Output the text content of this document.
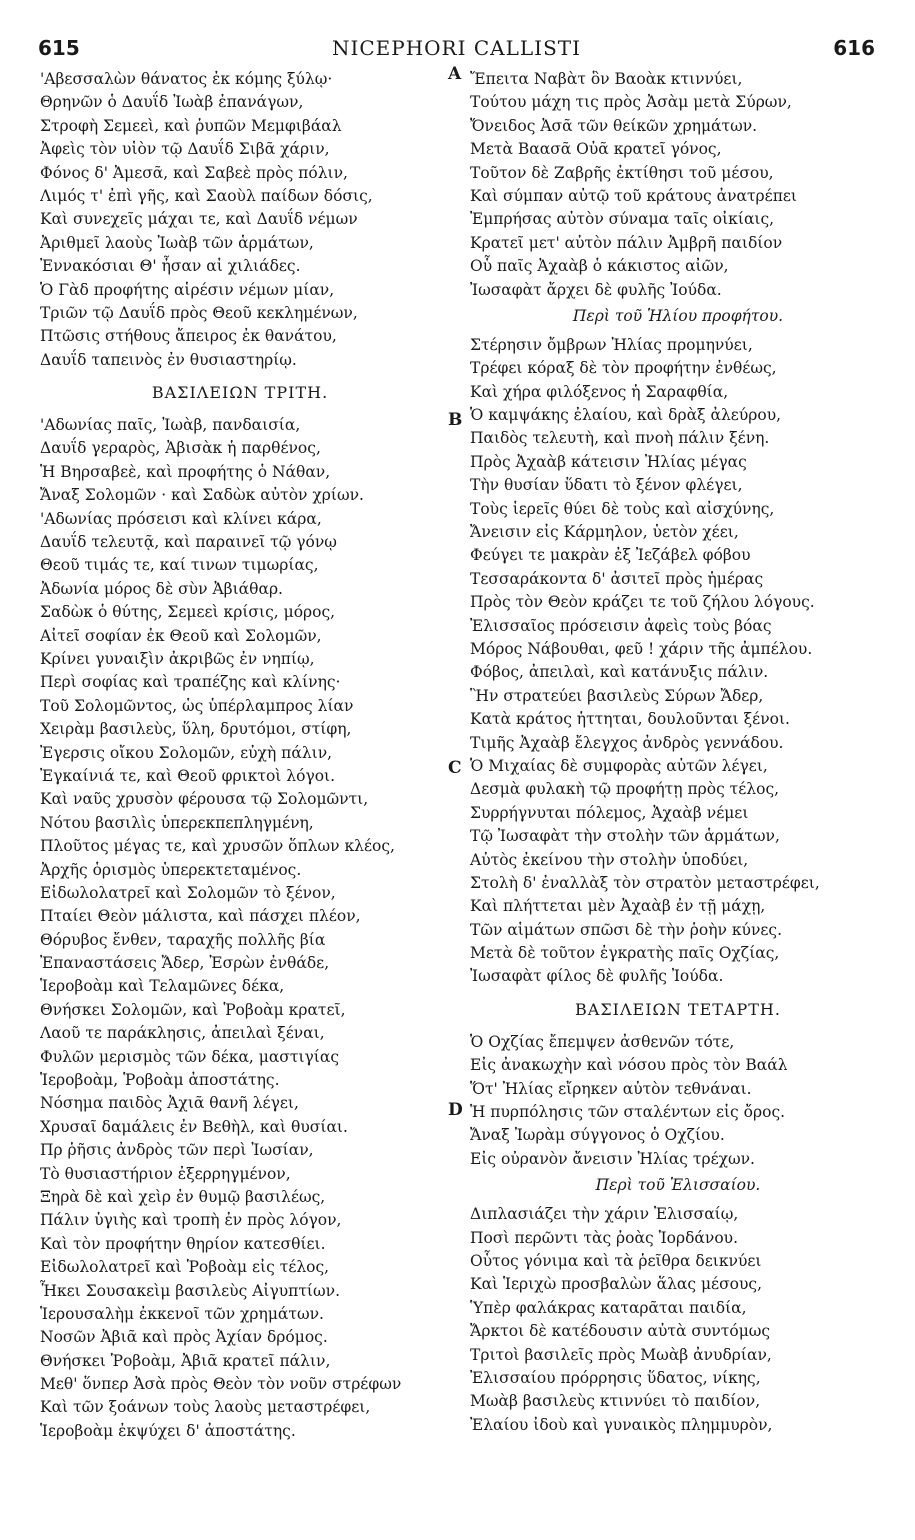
615	NICEPHORI CALLISTI	616
'Αβεσσαλὼν θάνατος ἐκ κόμης ξύλῳ·
Θρηνῶν ὁ Δαυΐδ Ἰωὰβ ἐπανάγων,
Στροφὴ Σεμεεὶ, καὶ ῥυπῶν Μεμφιβάαλ
Ἀφεὶς τὸν υἱὸν τῷ Δαυΐδ Σιβᾶ χάριν,
Φόνος δ' Ἀμεσᾶ, καὶ Σαβεὲ πρὸς πόλιν,
Λιμός τ' ἐπὶ γῆς, καὶ Σαοὺλ παίδων δόσις,
Καὶ συνεχεῖς μάχαι τε, καὶ Δαυΐδ νέμων
Ἀριθμεῖ λαοὺς Ἰωὰβ τῶν ἁρμάτων,
Ἐννακόσιαι Θ' ἦσαν αἱ χιλιάδες.
Ὁ Γὰδ προφήτης αἱρέσιν νέμων μίαν,
Τριῶν τῷ Δαυΐδ πρὸς Θεοῦ κεκλημένων,
Πτῶσις στήθους ἄπειρος ἐκ θανάτου,
Δαυΐδ ταπεινὸς ἐν θυσιαστηρίῳ.
ΒΑΣΙΛΕΙΩΝ ΤΡΙΤΗ.
'Αδωνίας παῖς, Ἰωὰβ, πανδαισία,
Δαυΐδ γεραρὸς, Ἀβισὰκ ἡ παρθένος,
Ἡ Βηρσαβεὲ, καὶ προφήτης ὁ Νάθαν,
Ἄναξ Σολομῶν · καὶ Σαδὼκ αὐτὸν χρίων.
'Αδωνίας πρόσεισι καὶ κλίνει κάρα,
Δαυΐδ τελευτᾷ, καὶ παραινεῖ τῷ γόνῳ
Θεοῦ τιμάς τε, καί τινων τιμωρίας,
Ἀδωνία μόρος δὲ σὺν Ἀβιάθαρ.
Σαδὼκ ὁ θύτης, Σεμεεὶ κρίσις, μόρος,
Αἰτεῖ σοφίαν ἐκ Θεοῦ καὶ Σολομῶν,
Κρίνει γυναιξὶν ἀκριβῶς ἐν νηπίῳ,
Περὶ σοφίας καὶ τραπέζης καὶ κλίνης·
Τοῦ Σολομῶντος, ὡς ὑπέρλαμπρος λίαν
Χειρὰμ βασιλεὺς, ὕλη, δρυτόμοι, στίφη,
Ἐγερσις οἴκου Σολομῶν, εὐχὴ πάλιν,
Ἐγκαίνιά τε, καὶ Θεοῦ φρικτοὶ λόγοι.
Καὶ ναῦς χρυσὸν φέρουσα τῷ Σολομῶντι,
Νότου βασιλὶς ὑπερεκπεπληγμένη,
Πλοῦτος μέγας τε, καὶ χρυσῶν ὅπλων κλέος,
Ἀρχῆς ὁρισμὸς ὑπερεκτεταμένος.
Εἰδωλολατρεῖ καὶ Σολομῶν τὸ ξένον,
Πταίει Θεὸν μάλιστα, καὶ πάσχει πλέον,
Θόρυβος ἔνθεν, ταραχῆς πολλῆς βία
Ἐπαναστάσεις Ἄδερ, Ἐσρὼν ἐνθάδε,
Ἱεροβοὰμ καὶ Τελαμῶνες δέκα,
Θνήσκει Σολομῶν, καὶ Ῥοβοὰμ κρατεῖ,
Λαοῦ τε παράκλησις, ἀπειλαὶ ξέναι,
Φυλῶν μερισμὸς τῶν δέκα, μαστιγίας
Ἱεροβοὰμ, Ῥοβοὰμ ἀποστάτης.
Νόσημα παιδὸς Ἀχιᾶ θανῆ λέγει,
Χρυσαῖ δαμάλεις ἐν Βεθὴλ, καὶ θυσίαι.
Πρ ῥῆσις ἀνδρὸς τῶν περὶ Ἰωσίαν,
Τὸ θυσιαστήριον ἐξερρηγμένον,
Ξηρὰ δὲ καὶ χεὶρ ἐν θυμῷ βασιλέως,
Πάλιν ὑγιὴς καὶ τροπὴ ἐν πρὸς λόγον,
Καὶ τὸν προφήτην θηρίον κατεσθίει.
Εἰδωλολατρεῖ καὶ Ῥοβοὰμ εἰς τέλος,
Ἧκει Σουσακεὶμ βασιλεὺς Αἰγυπτίων.
Ἱερουσαλὴμ ἐκκενοῖ τῶν χρημάτων.
Νοσῶν Ἀβιᾶ καὶ πρὸς Ἀχίαν δρόμος.
Θνήσκει Ῥοβοὰμ, Ἀβιᾶ κρατεῖ πάλιν,
Μεθ' ὅνπερ Ἀσὰ πρὸς Θεὸν τὸν νοῦν στρέφων
Καὶ τῶν ξοάνων τοὺς λαοὺς μεταστρέφει,
Ἱεροβοὰμ ἐκψύχει δ' ἀποστάτης.
Ἔπειτα Ναβὰτ ὃν Βαοὰκ κτιννύει,
Τούτου μάχη τις πρὸς Ἀσὰμ μετὰ Σύρων,
Ὄνειδος Ἀσᾶ τῶν θείκῶν χρημάτων.
Μετὰ Βαασᾶ Οὐᾶ κρατεῖ γόνος,
Τοῦτον δὲ Ζαβρῆς ἐκτίθησι τοῦ μέσου,
Καὶ σύμπαν αὐτῷ τοῦ κράτους ἀνατρέπει
Ἐμπρήσας αὐτὸν σύναμα ταῖς οἰκίαις,
Κρατεῖ μετ' αὐτὸν πάλιν Ἀμβρῆ παιδίον
Οὗ παῖς Ἀχαὰβ ὁ κάκιστος αἰῶν,
Ἰωσαφὰτ ἄρχει δὲ φυλῆς Ἰούδα.
Περὶ τοῦ Ἡλίου προφήτου.
Στέρησιν ὄμβρων Ἠλίας προμηνύει,
Τρέφει κόραξ δὲ τὸν προφήτην ἐνθέως,
Καὶ χήρα φιλόξενος ἡ Σαραφθία,
Ὁ καμψάκης ἐλαίου, καὶ δρὰξ ἀλεύρου,
Παιδὸς τελευτὴ, καὶ πνοὴ πάλιν ξένη.
Πρὸς Ἀχαὰβ κάτεισιν Ἠλίας μέγας
Τὴν θυσίαν ὕδατι τὸ ξένον φλέγει,
Τοὺς ἱερεῖς θύει δὲ τοὺς καὶ αἰσχύνης,
Ἄνεισιν εἰς Κάρμηλον, ὑετὸν χέει,
Φεύγει τε μακρὰν ἐξ Ἰεζάβελ φόβου
Τεσσαράκοντα δ' ἀσιτεῖ πρὸς ἡμέρας
Πρὸς τὸν Θεὸν κράζει τε τοῦ ζήλου λόγους.
Ἐλισσαῖος πρόσεισιν ἀφεὶς τοὺς βόας
Μόρος Νάβουθαι, φεῦ ! χάριν τῆς ἀμπέλου.
Φόβος, ἀπειλαὶ, καὶ κατάνυξις πάλιν.
Ἣν στρατεύει βασιλεὺς Σύρων Ἄδερ,
Κατὰ κράτος ἡττηται, δουλοῦνται ξένοι.
Τιμῆς Ἀχαὰβ ἔλεγχος ἀνδρὸς γεννάδου.
Ὁ Μιχαίας δὲ συμφορὰς αὐτῶν λέγει,
Δεσμὰ φυλακὴ τῷ προφήτῃ πρὸς τέλος,
Συρρήγνυται πόλεμος, Ἀχαὰβ νέμει
Τῷ Ἰωσαφὰτ τὴν στολὴν τῶν ἁρμάτων,
Αὐτὸς ἐκείνου τὴν στολὴν ὑποδύει,
Στολὴ δ' ἐναλλὰξ τὸν στρατὸν μεταστρέφει,
Καὶ πλήττεται μὲν Ἀχαὰβ ἐν τῇ μάχῃ,
Τῶν αἱμάτων σπῶσι δὲ τὴν ῥοὴν κύνες.
Μετὰ δὲ τοῦτον ἐγκρατὴς παῖς Οχζίας,
Ἰωσαφὰτ φίλος δὲ φυλῆς Ἰούδα.
ΒΑΣΙΛΕΙΩΝ ΤΕΤΑΡΤΗ.
Ὁ Οχζίας ἔπεμψεν ἀσθενῶν τότε,
Εἰς ἀνακωχὴν καὶ νόσου πρὸς τὸν Βαάλ
Ὅτ' Ἠλίας εἴρηκεν αὐτὸν τεθνάναι.
Ἡ πυρπόλησις τῶν σταλέντων εἰς ὄρος.
Ἄναξ Ἰωρὰμ σύγγονος ὁ Οχζίου.
Εἰς οὐρανὸν ἄνεισιν Ἠλίας τρέχων.
Περὶ τοῦ Ἐλισσαίου.
Διπλασιάζει τὴν χάριν Ἐλισσαίῳ,
Ποσὶ περῶντι τὰς ῥοὰς Ἰορδάνου.
Οὗτος γόνιμα καὶ τὰ ῥεῖθρα δεικνύει
Καὶ Ἱεριχὼ προσβαλὼν ἅλας μέσους,
Ὑπὲρ φαλάκρας καταρᾶται παιδία,
Ἄρκτοι δὲ κατέδουσιν αὐτὰ συντόμως
Τριτοὶ βασιλεῖς πρὸς Μωὰβ ἀνυδρίαν,
Ἐλισσαίου πρόρρησις ὕδατος, νίκης,
Μωὰβ βασιλεὺς κτιννύει τὸ παιδίον,
Ἐλαίου ἰδοὺ καὶ γυναικὸς πλημμυρὸν,
A
B
C
D
